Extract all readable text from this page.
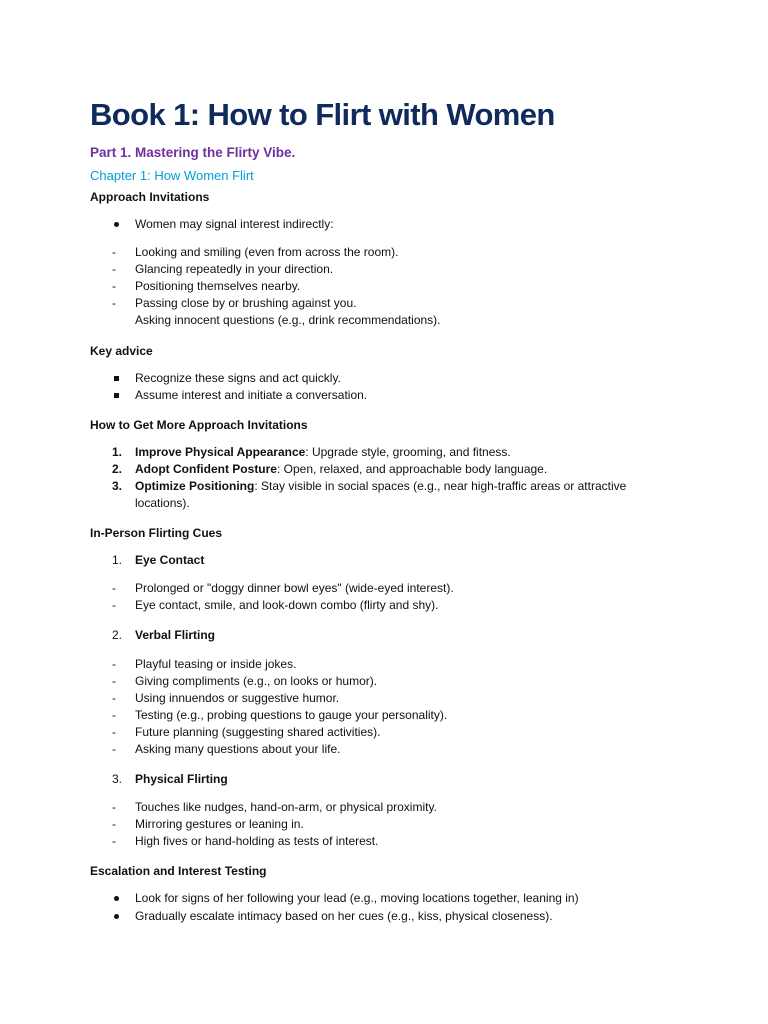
Book 1: How to Flirt with Women
Part 1. Mastering the Flirty Vibe.
Chapter 1: How Women Flirt
Approach Invitations
Women may signal interest indirectly:
-	Looking and smiling (even from across the room).
-	Glancing repeatedly in your direction.
-	Positioning themselves nearby.
-	Passing close by or brushing against you.
Asking innocent questions (e.g., drink recommendations).
Key advice
Recognize these signs and act quickly.
Assume interest and initiate a conversation.
How to Get More Approach Invitations
1.	Improve Physical Appearance: Upgrade style, grooming, and fitness.
2.	Adopt Confident Posture: Open, relaxed, and approachable body language.
3.	Optimize Positioning: Stay visible in social spaces (e.g., near high-traffic areas or attractive
locations).
In-Person Flirting Cues
1.	Eye Contact
-	Prolonged or "doggy dinner bowl eyes" (wide-eyed interest).
-	Eye contact, smile, and look-down combo (flirty and shy).
2.	Verbal Flirting
-	Playful teasing or inside jokes.
-	Giving compliments (e.g., on looks or humor).
-	Using innuendos or suggestive humor.
-	Testing (e.g., probing questions to gauge your personality).
-	Future planning (suggesting shared activities).
-	Asking many questions about your life.
3.	Physical Flirting
-	Touches like nudges, hand-on-arm, or physical proximity.
-	Mirroring gestures or leaning in.
-	High fives or hand-holding as tests of interest.
Escalation and Interest Testing
Look for signs of her following your lead (e.g., moving locations together, leaning in)
Gradually escalate intimacy based on her cues (e.g., kiss, physical closeness).
